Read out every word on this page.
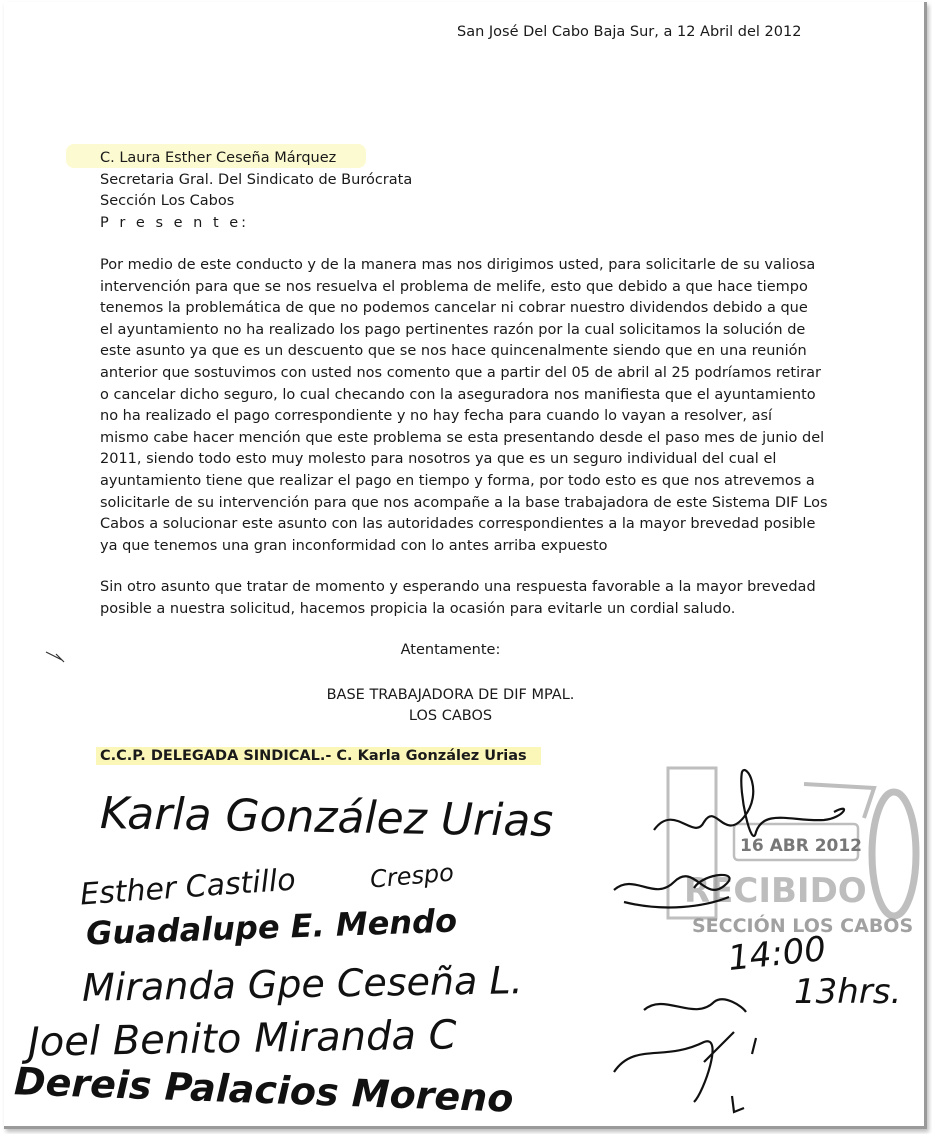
San José Del Cabo Baja Sur, a 12 Abril del 2012
C. Laura Esther Ceseña Márquez
Secretaria Gral. Del Sindicato de Burócrata
Sección Los Cabos
P r e s e n t e:
Por medio de este conducto y de la manera mas nos dirigimos usted, para solicitarle de su valiosa
intervención para que se nos resuelva el problema de melife, esto que debido a que hace tiempo
tenemos la problemática de que no podemos cancelar ni cobrar nuestro dividendos debido a que
el ayuntamiento no ha realizado los pago pertinentes razón por la cual solicitamos la solución de
este asunto ya que es un descuento que se nos hace quincenalmente siendo que en una reunión
anterior que sostuvimos con usted nos comento que a partir del 05 de abril al 25 podríamos retirar
o cancelar dicho seguro, lo cual checando con la aseguradora nos manifiesta que el ayuntamiento
no ha realizado el pago correspondiente y no hay fecha para cuando lo vayan a resolver, así
mismo cabe hacer mención que este problema se esta presentando desde el paso mes de junio del
2011, siendo todo esto muy molesto para nosotros ya que es un seguro individual del cual el
ayuntamiento tiene que realizar el pago en tiempo y forma, por todo esto es que nos atrevemos a
solicitarle de su intervención para que nos acompañe a la base trabajadora de este Sistema DIF Los
Cabos a solucionar este asunto con las autoridades correspondientes a la mayor brevedad posible
ya que tenemos una gran inconformidad con lo antes arriba expuesto
Sin otro asunto que tratar de momento y esperando una respuesta favorable a la mayor brevedad
posible a nuestra solicitud, hacemos propicia la ocasión para evitarle un cordial saludo.
Atentamente:
BASE TRABAJADORA DE DIF MPAL.
LOS CABOS
C.C.P. DELEGADA SINDICAL.- C. Karla González Urias
16 ABR 2012
RECIBIDO
SECCIÓN LOS CABOS
Karla González Urias
Esther Castillo	Crespo
Guadalupe E. Mendo
Miranda Gpe Ceseña L.
Joel Benito Miranda C
Dereis Palacios Moreno
14:00
13hrs.
